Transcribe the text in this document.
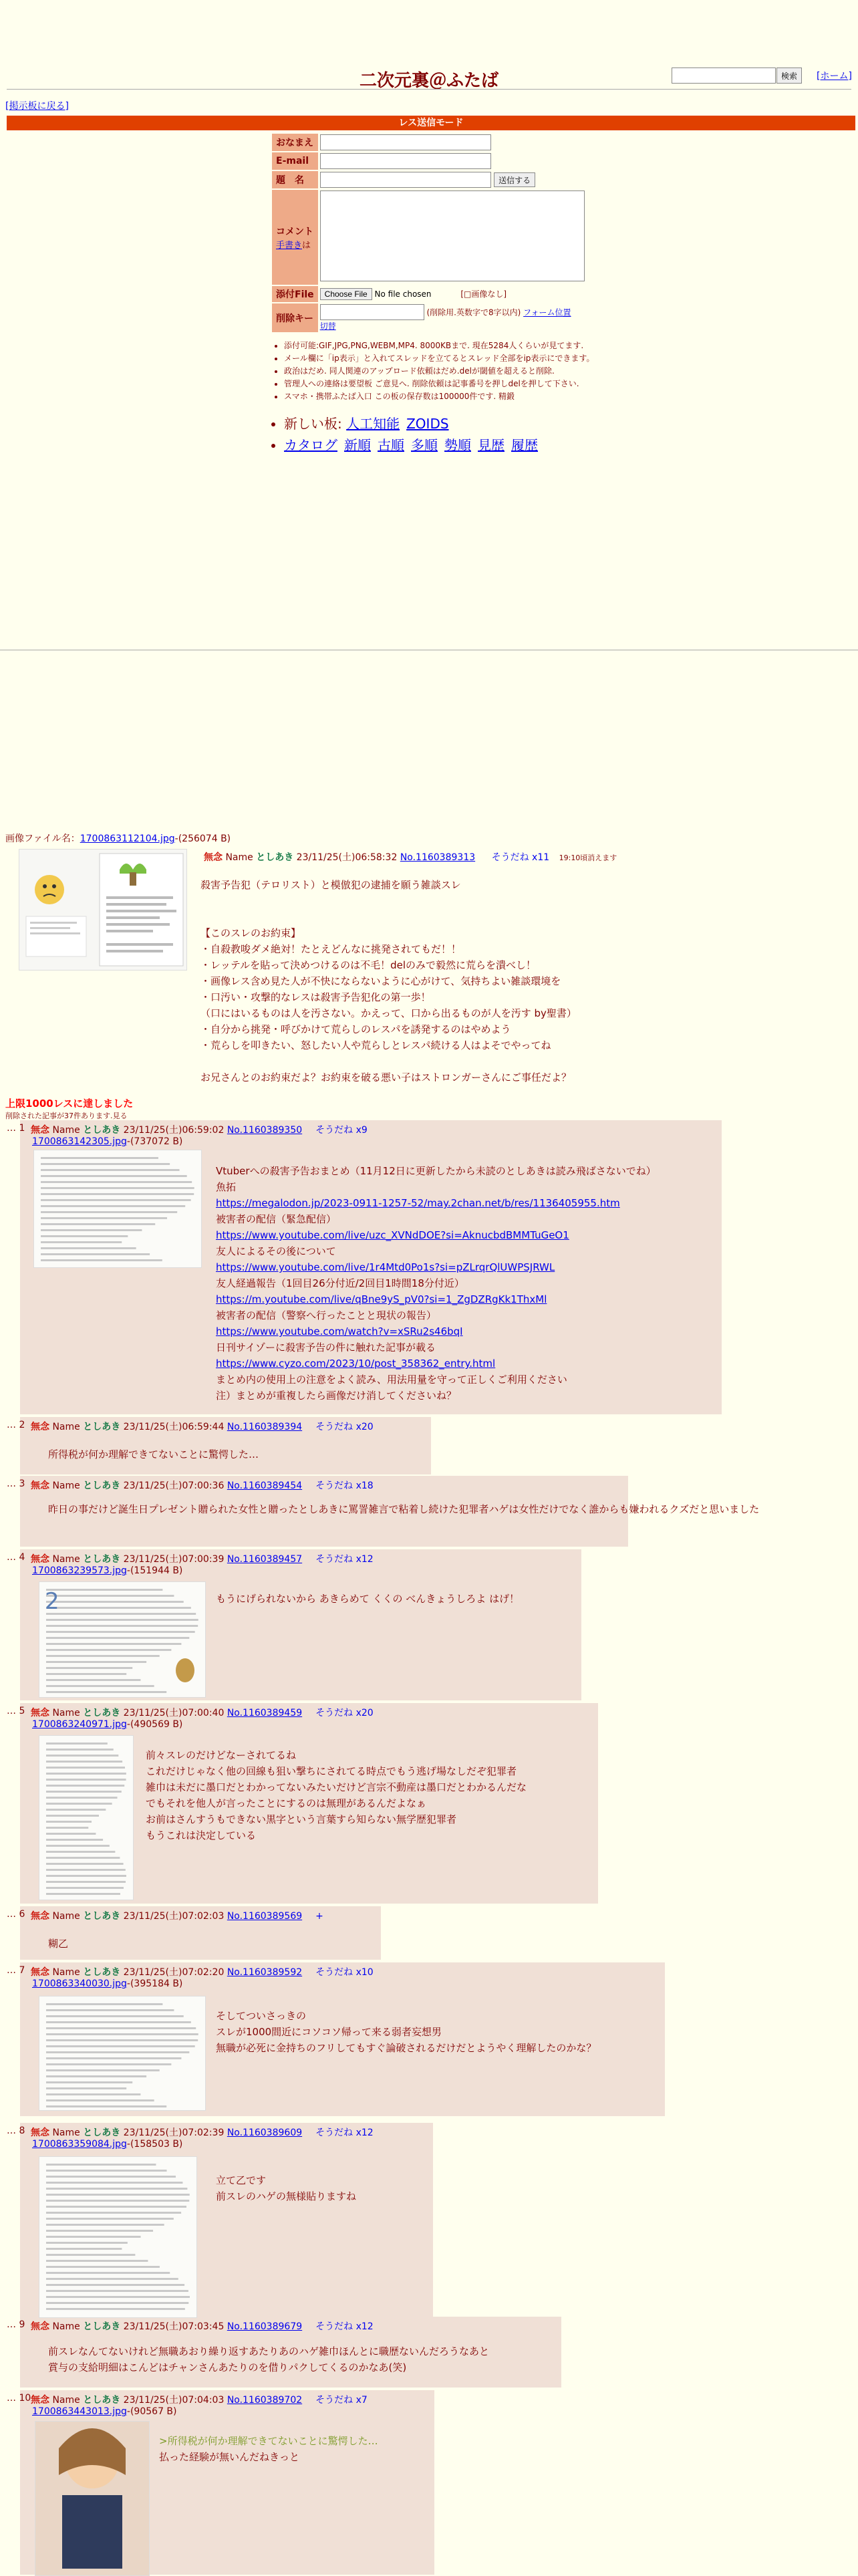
二次元裏＠ふたば	検索	[ホーム]
[掲示板に戻る]
レス送信モード
おなまえ	
E-mail	
題　名	送信する

コメント
手書きは

添付File	Choose File No file chosen [□画像なし]
削除キー	(削除用.英数字で8字以内) フォーム位置
切替
• 添付可能:GIF,JPG,PNG,WEBM,MP4. 8000KBまで. 現在5284人くらいが見てます.
• メール欄に「ip表示」と入れてスレッドを立てるとスレッド全部をip表示にできます。
• 政治はだめ. 同人関連のアップロード依頼はだめ.delが閾値を超えると削除.
• 管理人への連絡は要望板 ご意見へ. 削除依頼は記事番号を押しdelを押して下さい.
• スマホ・携帯ふたば入口 この板の保存数は100000件です. 精鍛
• 新しい板: 人工知能 ZOIDS
• カタログ 新順 古順 多順 勢順 見歴 履歴
画像ファイル名：1700863112104.jpg-(256074 B)
無念 Name としあき 23/11/25(土)06:58:32 No.1160389313 そうだね x11 19:10頃消えます
殺害予告犯（テロリスト）と模倣犯の逮捕を願う雑談スレ

【このスレのお約束】
・自殺教唆ダメ絶対！たとえどんなに挑発されてもだ！！
・レッテルを貼って決めつけるのは不毛！delのみで毅然に荒らを潰べし！
・画像レス含め見た人が不快にならないように心がけて、気持ちよい雑談環境を
・口汚い・攻撃的なレスは殺害予告犯化の第一歩！
（口にはいるものは人を汚さない。かえって、口から出るものが人を汚す by聖書）
・自分から挑発・呼びかけて荒らしのレスパを誘発するのはやめよう
・荒らしを叩きたい、怒したい人や荒らしとレスパ続ける人はよそでやってね

お兄さんとのお約束だよ？お約束を破る悪い子はストロンガーさんにご事任だよ？
上限1000レスに達しました
削除された記事が37件あります.見る
… 1 無念 Name としあき 23/11/25(土)06:59:02 No.1160389350 そうだね x9
1700863142305.jpg-(737072 B)
Vtuberへの殺害予告おまとめ（11月12日に更新したから未読のとしあきは読み飛ばさないでね）
魚拓
https://megalodon.jp/2023-0911-1257-52/may.2chan.net/b/res/1136405955.htm
被害者の配信（緊急配信）
https://www.youtube.com/live/uzc_XVNdDOE?si=AknucbdBMMTuGeO1
友人によるその後について
https://www.youtube.com/live/1r4Mtd0Po1s?si=pZLrqrQlUWPSJRWL
友人経過報告（1回目26分付近/2回目1時間18分付近）
https://m.youtube.com/live/qBne9yS_pV0?si=1_ZgDZRgKk1ThxMl
被害者の配信（警察へ行ったことと現状の報告）
https://www.youtube.com/watch?v=xSRu2s46bqI
日刊サイゾーに殺害予告の件に触れた記事が載る
https://www.cyzo.com/2023/10/post_358362_entry.html
まとめ内の使用上の注意をよく読み、用法用量を守って正しくご利用ください
注）まとめが重複したら画像だけ消してくださいね？
… 2 無念 Name としあき 23/11/25(土)06:59:44 No.1160389394 そうだね x20
所得税が何か理解できてないことに驚愕した…
… 3 無念 Name としあき 23/11/25(土)07:00:36 No.1160389454 そうだね x18
昨日の事だけど誕生日プレゼント贈られた女性と贈ったとしあきに罵詈雑言で粘着し続けた犯罪者ハゲは女性だけでなく誰からも嫌われるクズだと思いました
… 4 無念 Name としあき 23/11/25(土)07:00:39 No.1160389457 そうだね x12
1700863239573.jpg-(151944 B)
2	もうにげられないから あきらめて くくの べんきょうしろよ はげ！
… 5 無念 Name としあき 23/11/25(土)07:00:40 No.1160389459 そうだね x20
1700863240971.jpg-(490569 B)
前々スレのだけどなーされてるね
これだけじゃなく他の回線も狙い撃ちにされてる時点でもう逃げ場なしだぞ犯罪者
雑巾は未だに墨口だとわかってないみたいだけど言宗不動産は墨口だとわかるんだな
でもそれを他人が言ったことにするのは無理があるんだよなぁ
お前はさんすうもできない黒字という言葉すら知らない無学歴犯罪者
もうこれは決定している
… 6 無念 Name としあき 23/11/25(土)07:02:03 No.1160389569 +
糊乙
… 7 無念 Name としあき 23/11/25(土)07:02:20 No.1160389592 そうだね x10
1700863340030.jpg-(395184 B)
そしてついさっきの
スレが1000間近にコソコソ帰って来る弱者妄想男
無職が必死に金持ちのフリしてもすぐ論破されるだけだとようやく理解したのかな？
… 8 無念 Name としあき 23/11/25(土)07:02:39 No.1160389609 そうだね x12
1700863359084.jpg-(158503 B)
立て乙です
前スレのハゲの無様貼りますね
… 9 無念 Name としあき 23/11/25(土)07:03:45 No.1160389679 そうだね x12
前スレなんてないけれど無職あおり繰り返すあたりあのハゲ雑巾ほんとに職歴ないんだろうなあと
賞与の支給明細はこんどはチャンさんあたりのを借りパクしてくるのかなあ(笑)
… 10 無念 Name としあき 23/11/25(土)07:04:03 No.1160389702 そうだね x7
1700863443013.jpg-(90567 B)
>所得税が何か理解できてないことに驚愕した…
払った経験が無いんだねきっと
